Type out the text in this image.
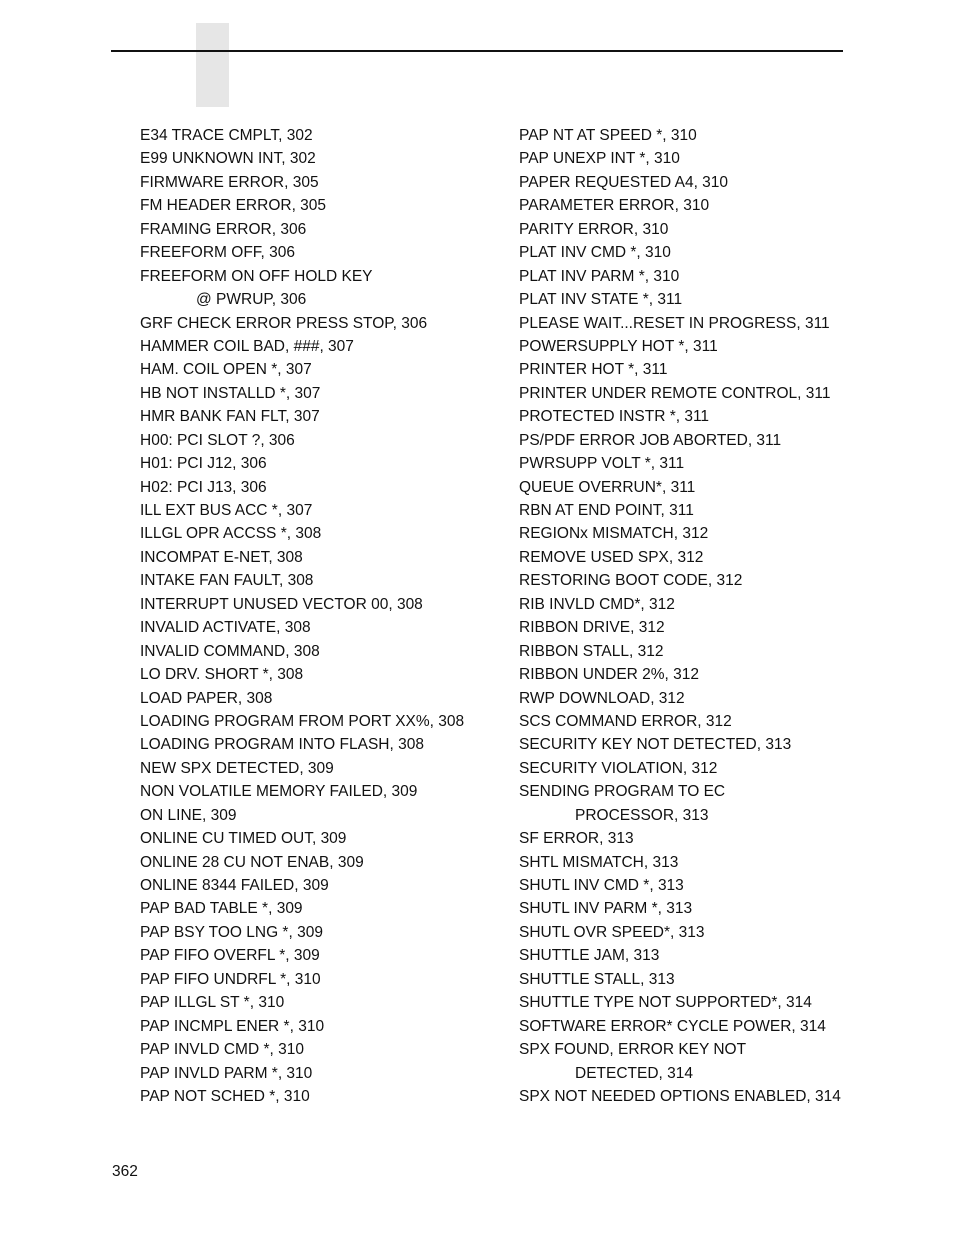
E34 TRACE CMPLT, 302
E99 UNKNOWN INT, 302
FIRMWARE ERROR, 305
FM HEADER ERROR, 305
FRAMING ERROR, 306
FREEFORM OFF, 306
FREEFORM ON OFF HOLD KEY
@ PWRUP, 306
GRF CHECK ERROR PRESS STOP, 306
HAMMER COIL BAD, ###, 307
HAM. COIL OPEN *, 307
HB NOT INSTALLD *, 307
HMR BANK FAN FLT, 307
H00: PCI SLOT ?, 306
H01: PCI J12, 306
H02: PCI J13, 306
ILL EXT BUS ACC *, 307
ILLGL OPR ACCSS *, 308
INCOMPAT E-NET, 308
INTAKE FAN FAULT, 308
INTERRUPT UNUSED VECTOR 00, 308
INVALID ACTIVATE, 308
INVALID COMMAND, 308
LO DRV. SHORT *, 308
LOAD PAPER, 308
LOADING PROGRAM FROM PORT XX%, 308
LOADING PROGRAM INTO FLASH, 308
NEW SPX DETECTED, 309
NON VOLATILE MEMORY FAILED, 309
ON LINE, 309
ONLINE CU TIMED OUT, 309
ONLINE 28 CU NOT ENAB, 309
ONLINE 8344 FAILED, 309
PAP BAD TABLE *, 309
PAP BSY TOO LNG *, 309
PAP FIFO OVERFL *, 309
PAP FIFO UNDRFL *, 310
PAP ILLGL ST *, 310
PAP INCMPL ENER *, 310
PAP INVLD CMD *, 310
PAP INVLD PARM *, 310
PAP NOT SCHED *, 310
PAP NT AT SPEED *, 310
PAP UNEXP INT *, 310
PAPER REQUESTED A4, 310
PARAMETER ERROR, 310
PARITY ERROR, 310
PLAT INV CMD *, 310
PLAT INV PARM *, 310
PLAT INV STATE *, 311
PLEASE WAIT...RESET IN PROGRESS, 311
POWERSUPPLY HOT *, 311
PRINTER HOT *, 311
PRINTER UNDER REMOTE CONTROL, 311
PROTECTED INSTR *, 311
PS/PDF ERROR JOB ABORTED, 311
PWRSUPP VOLT *, 311
QUEUE OVERRUN*, 311
RBN AT END POINT, 311
REGIONx MISMATCH, 312
REMOVE USED SPX, 312
RESTORING BOOT CODE, 312
RIB INVLD CMD*, 312
RIBBON DRIVE, 312
RIBBON STALL, 312
RIBBON UNDER 2%, 312
RWP DOWNLOAD, 312
SCS COMMAND ERROR, 312
SECURITY KEY NOT DETECTED, 313
SECURITY VIOLATION, 312
SENDING PROGRAM TO EC
PROCESSOR, 313
SF ERROR, 313
SHTL MISMATCH, 313
SHUTL INV CMD *, 313
SHUTL INV PARM *, 313
SHUTL OVR SPEED*, 313
SHUTTLE JAM, 313
SHUTTLE STALL, 313
SHUTTLE TYPE NOT SUPPORTED*, 314
SOFTWARE ERROR* CYCLE POWER, 314
SPX FOUND, ERROR KEY NOT
DETECTED, 314
SPX NOT NEEDED OPTIONS ENABLED, 314
362
